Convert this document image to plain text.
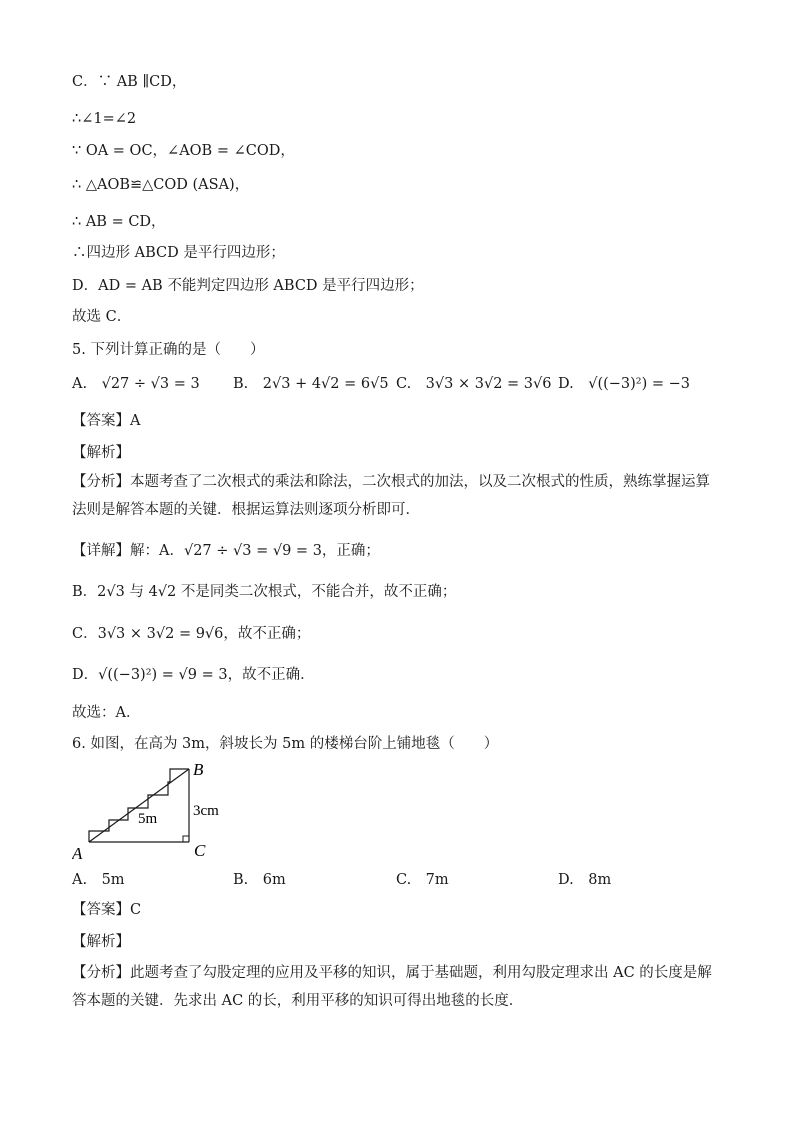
C．∵ AB ∥CD，
∴∠1=∠2
∵ OA = OC，∠AOB = ∠COD，
∴ △AOB≌△COD (ASA)，
∴ AB = CD，
∴四边形 ABCD 是平行四边形；
D．AD = AB 不能判定四边形 ABCD 是平行四边形；
故选 C．
5. 下列计算正确的是（　　）
A.　√27 ÷ √3 = 3 B.　2√3 + 4√2 = 6√5 C.　3√3 × 3√2 = 3√6 D.　√((−3)²) = −3
【答案】A
【解析】
【分析】本题考查了二次根式的乘法和除法，二次根式的加法，以及二次根式的性质，熟练掌握运算法则是解答本题的关键．根据运算法则逐项分析即可．
【详解】解：A．√27 ÷ √3 = √9 = 3，正确；
B．2√3 与 4√2 不是同类二次根式，不能合并，故不正确；
C．3√3 × 3√2 = 9√6，故不正确；
D．√((−3)²) = √9 = 3，故不正确．
故选：A．
6. 如图，在高为 3m，斜坡长为 5m 的楼梯台阶上铺地毯（　　）
A
B
C
5m 3cm
A.　5m	B.　6m	C.　7m	D.　8m
【答案】C
【解析】
【分析】此题考查了勾股定理的应用及平移的知识，属于基础题，利用勾股定理求出 AC 的长度是解答本题的关键．先求出 AC 的长，利用平移的知识可得出地毯的长度．
